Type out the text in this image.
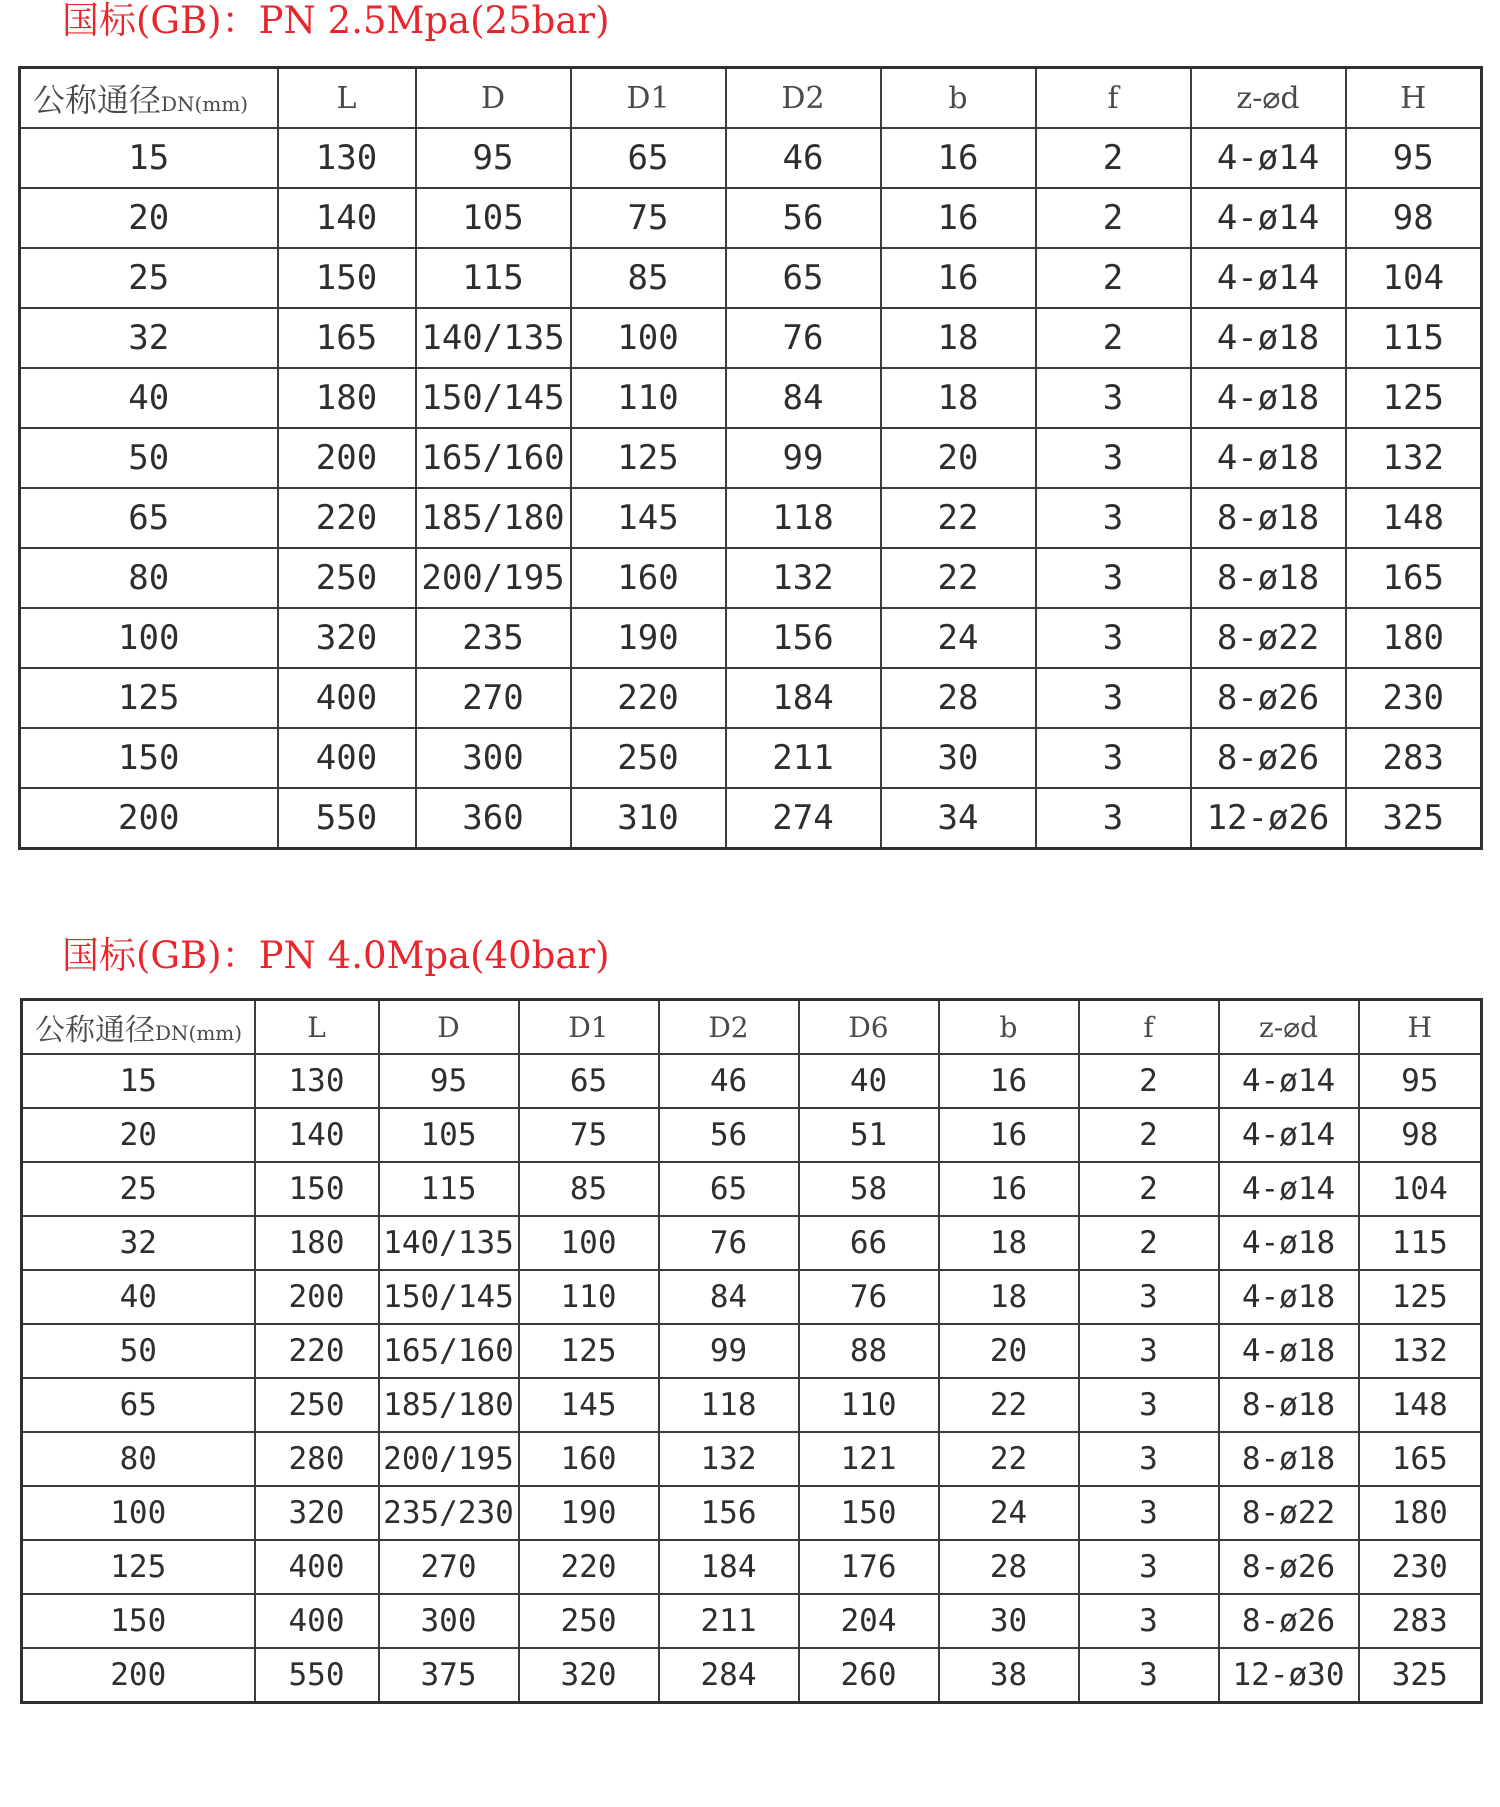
国标(GB)：PN 2.5Mpa(25bar)
公称通径DN(mm)	L	D	D1	D2	b	f	z-⌀d	H
15	130	95	65	46	16	2	4-ø14	95
20	140	105	75	56	16	2	4-ø14	98
25	150	115	85	65	16	2	4-ø14	104
32	165	140/135	100	76	18	2	4-ø18	115
40	180	150/145	110	84	18	3	4-ø18	125
50	200	165/160	125	99	20	3	4-ø18	132
65	220	185/180	145	118	22	3	8-ø18	148
80	250	200/195	160	132	22	3	8-ø18	165
100	320	235	190	156	24	3	8-ø22	180
125	400	270	220	184	28	3	8-ø26	230
150	400	300	250	211	30	3	8-ø26	283
200	550	360	310	274	34	3	12-ø26	325
国标(GB)：PN 4.0Mpa(40bar)
公称通径DN(mm)	L	D	D1	D2	D6	b	f	z-⌀d	H
15	130	95	65	46	40	16	2	4-ø14	95
20	140	105	75	56	51	16	2	4-ø14	98
25	150	115	85	65	58	16	2	4-ø14	104
32	180	140/135	100	76	66	18	2	4-ø18	115
40	200	150/145	110	84	76	18	3	4-ø18	125
50	220	165/160	125	99	88	20	3	4-ø18	132
65	250	185/180	145	118	110	22	3	8-ø18	148
80	280	200/195	160	132	121	22	3	8-ø18	165
100	320	235/230	190	156	150	24	3	8-ø22	180
125	400	270	220	184	176	28	3	8-ø26	230
150	400	300	250	211	204	30	3	8-ø26	283
200	550	375	320	284	260	38	3	12-ø30	325
